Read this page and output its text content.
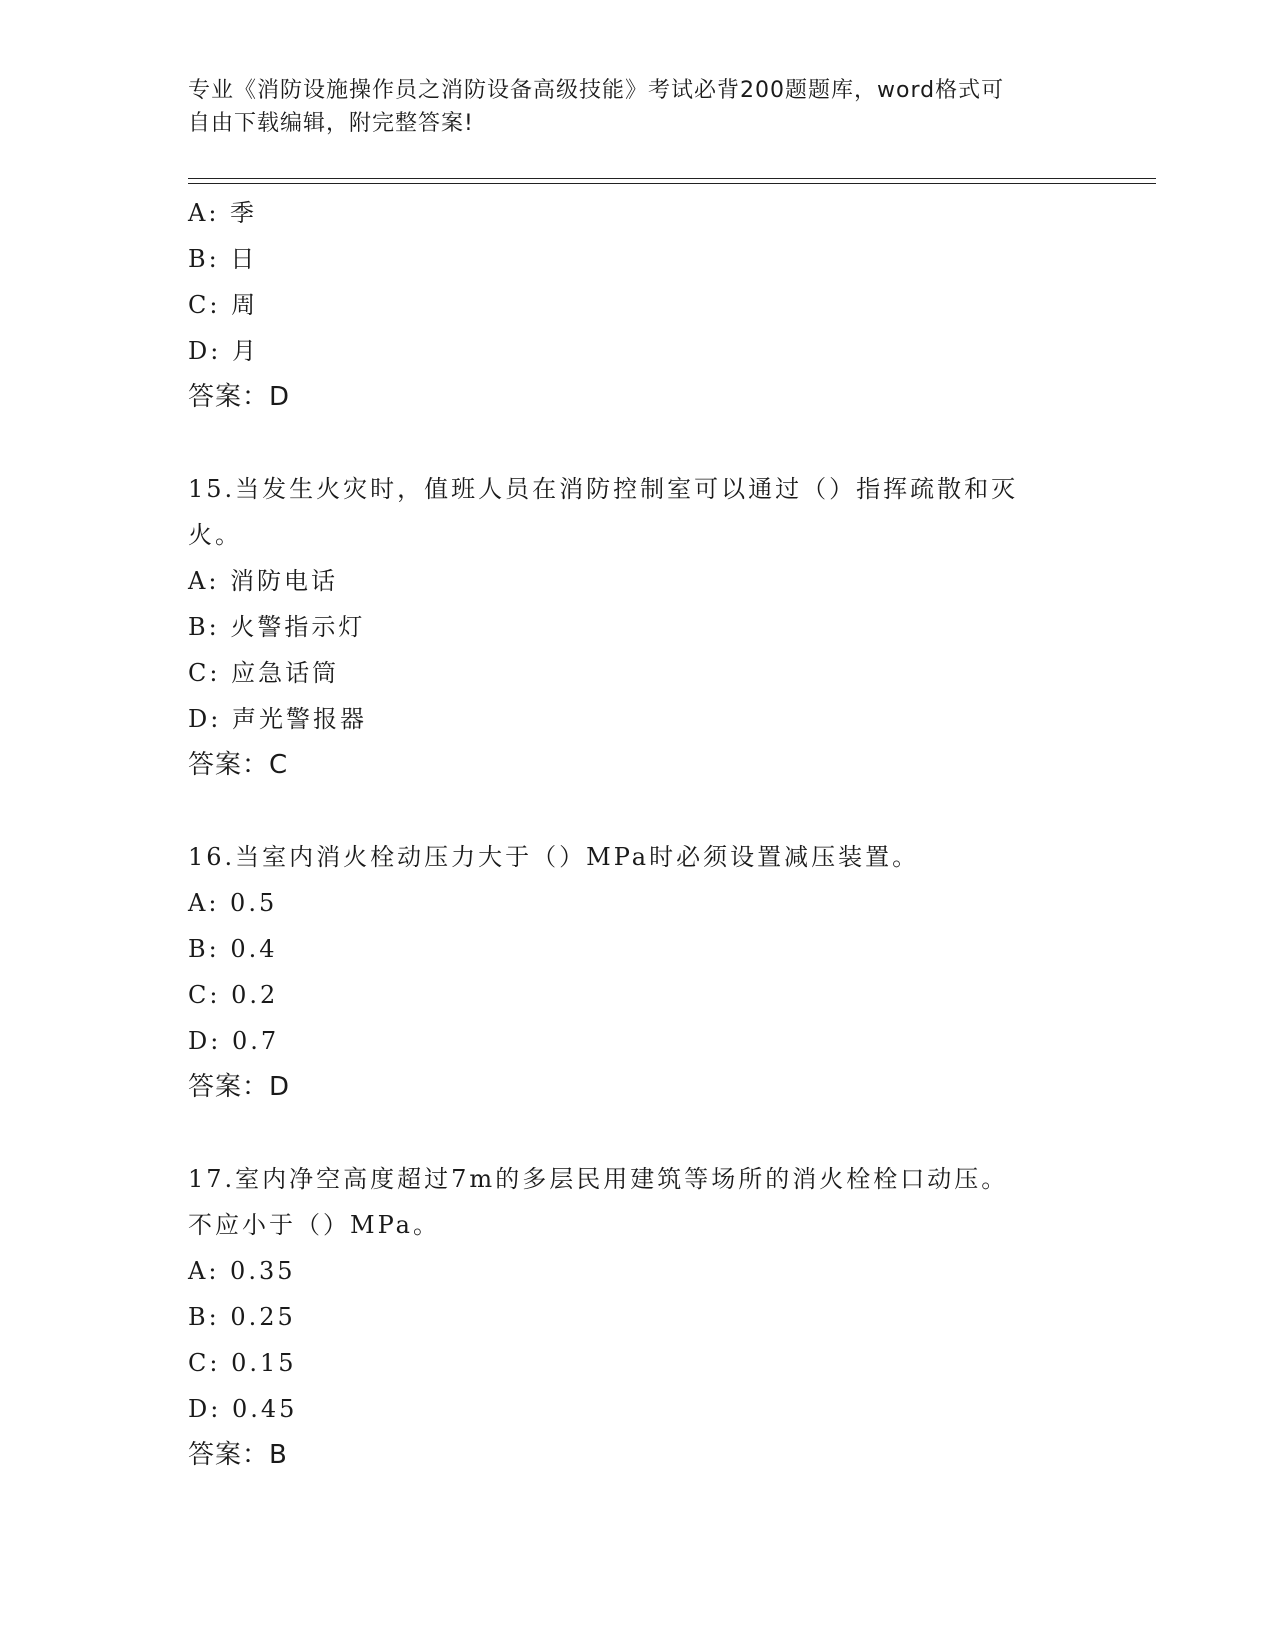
专业《消防设施操作员之消防设备高级技能》考试必背200题题库，word格式可
自由下载编辑，附完整答案!
A: 季
B: 日
C: 周
D: 月
答案：D
15.当发生火灾时，值班人员在消防控制室可以通过（）指挥疏散和灭
火。
A: 消防电话
B: 火警指示灯
C: 应急话筒
D: 声光警报器
答案：C
16.当室内消火栓动压力大于（）MPa时必须设置减压装置。
A: 0.5
B: 0.4
C: 0.2
D: 0.7
答案：D
17.室内净空高度超过7m的多层民用建筑等场所的消火栓栓口动压。
不应小于（）MPa。
A: 0.35
B: 0.25
C: 0.15
D: 0.45
答案：B
